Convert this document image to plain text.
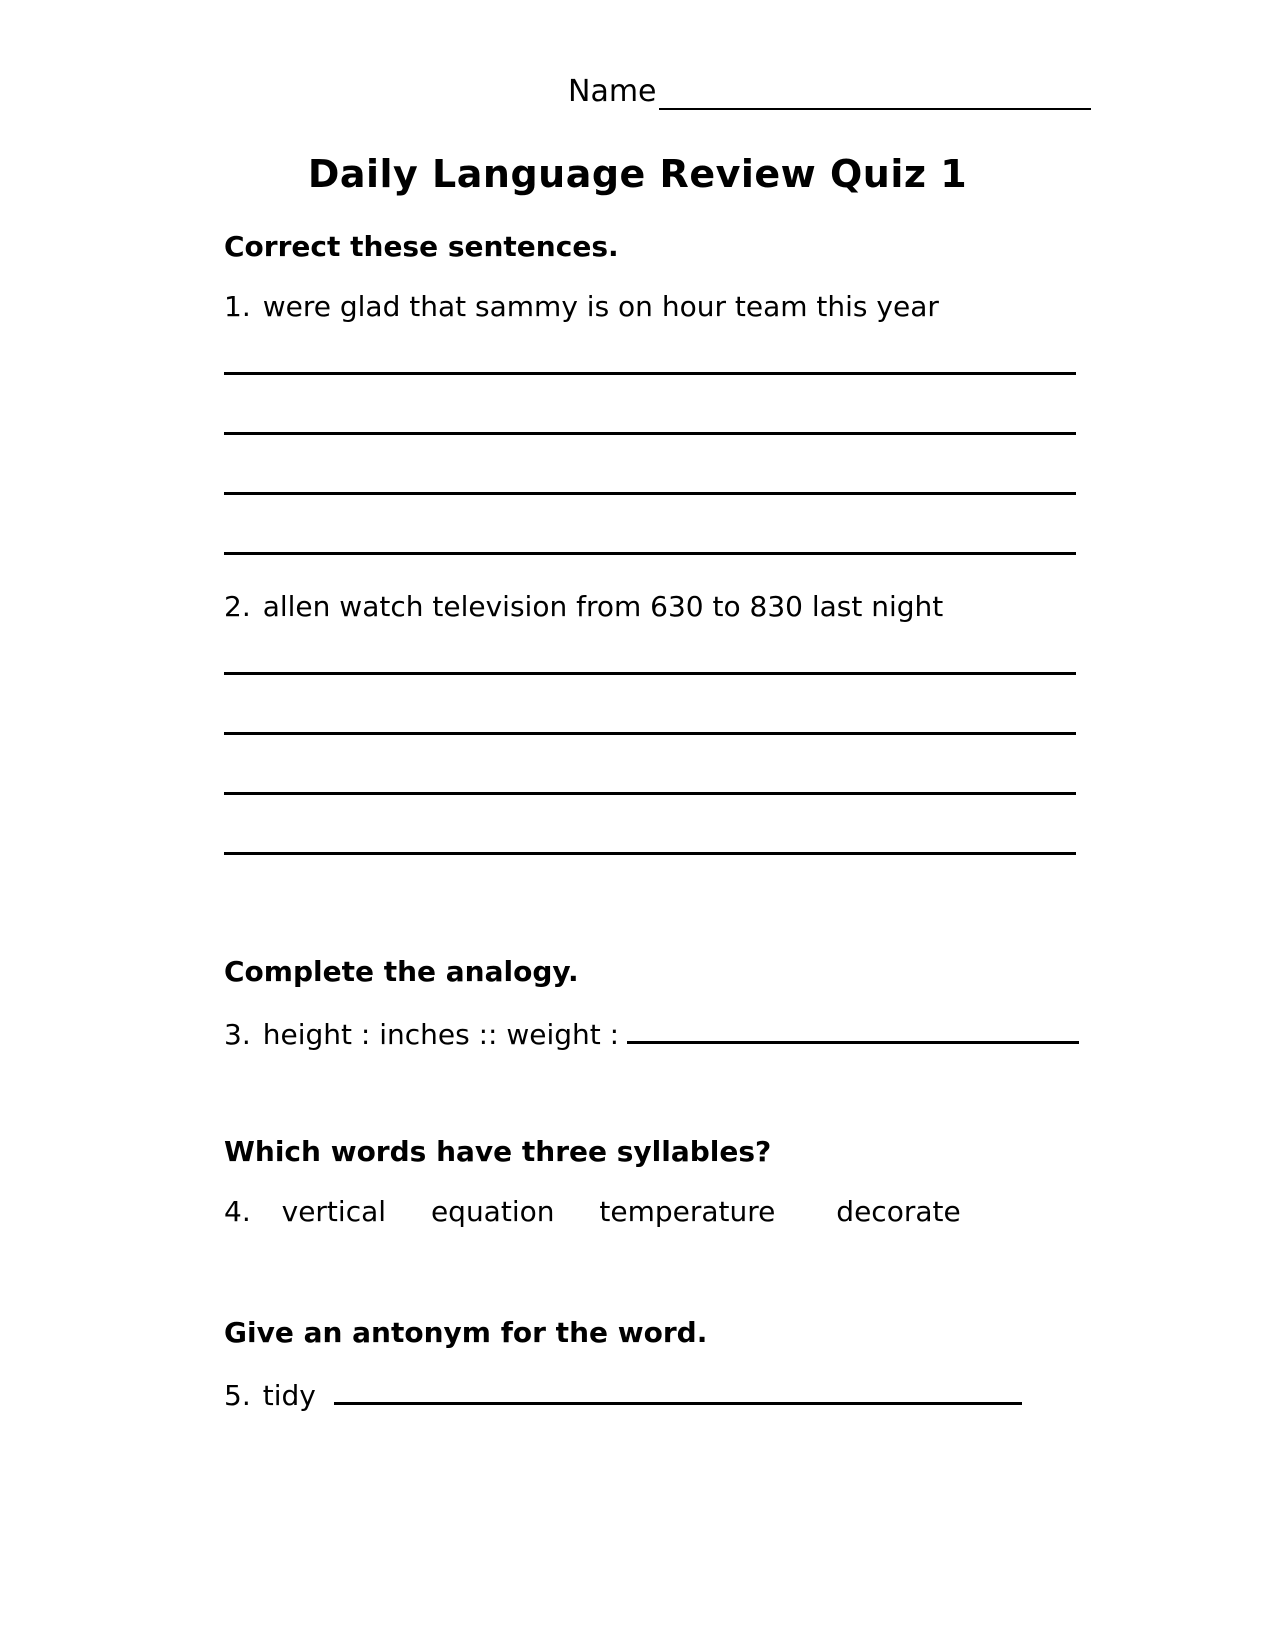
Name
Daily Language Review Quiz 1
Correct these sentences.
1. were glad that sammy is on hour team this year
2. allen watch television from 630 to 830 last night
Complete the analogy.
3. height : inches :: weight :
Which words have three syllables?
4. vertical equation temperature decorate
Give an antonym for the word.
5. tidy
